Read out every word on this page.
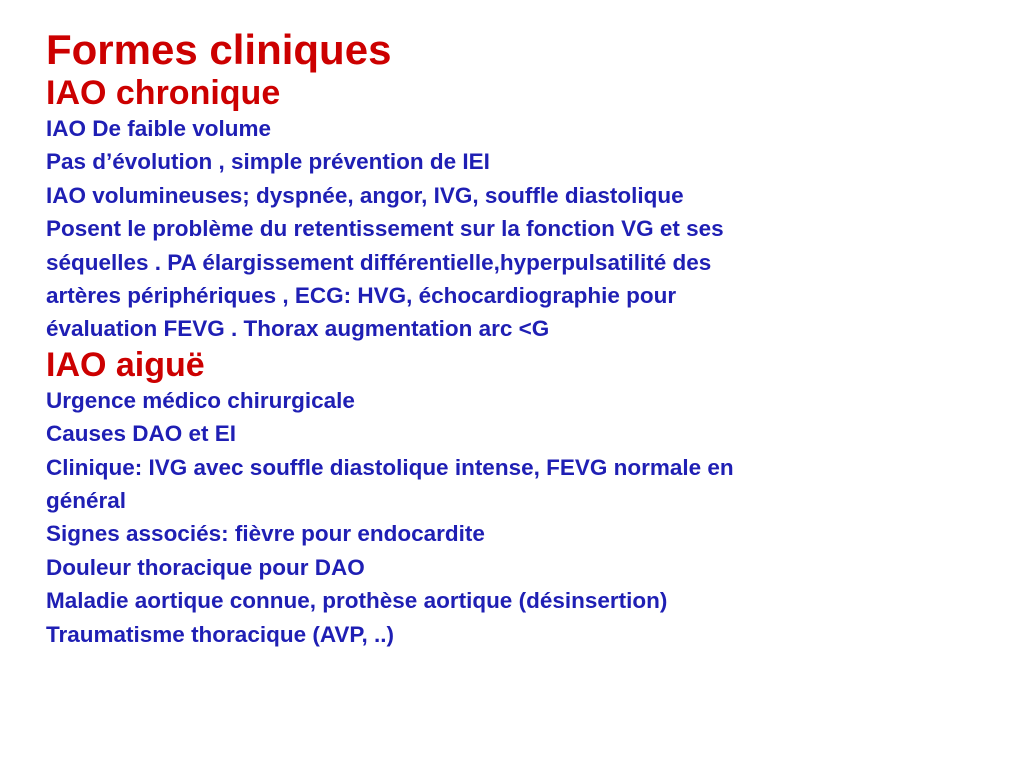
Formes cliniques
IAO chronique
IAO De faible volume
Pas d’évolution , simple prévention de IEI
IAO volumineuses; dyspnée, angor, IVG, souffle diastolique
Posent le problème du retentissement sur la fonction VG et ses
séquelles . PA élargissement différentielle,hyperpulsatilité des
artères périphériques , ECG: HVG, échocardiographie pour
évaluation FEVG . Thorax augmentation arc <G
IAO aiguë
Urgence médico chirurgicale
Causes DAO et EI
Clinique: IVG avec souffle diastolique intense, FEVG normale en
général
Signes associés: fièvre pour endocardite
Douleur thoracique pour DAO
Maladie aortique connue, prothèse aortique (désinsertion)
Traumatisme thoracique (AVP, ..)
